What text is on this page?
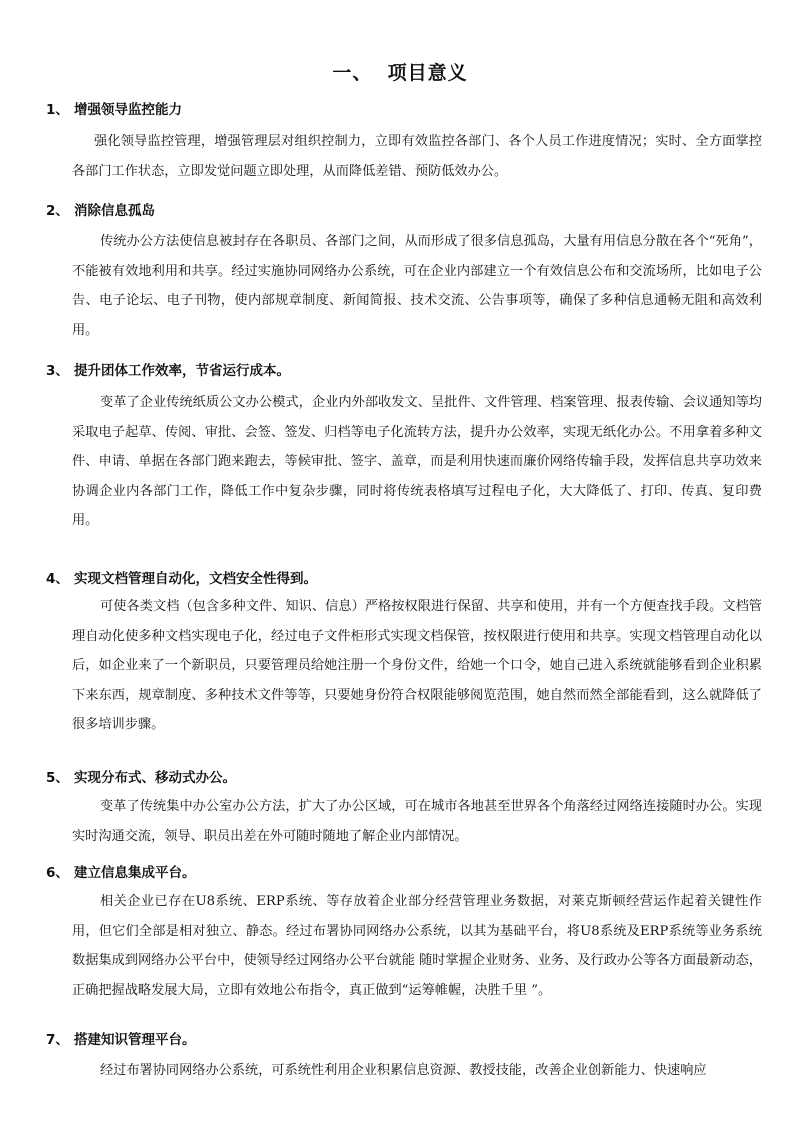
一、  项目意义
1、 增强领导监控能力
强化领导监控管理，增强管理层对组织控制力，立即有效监控各部门、各个人员工作进度情况；实时、全方面掌控各部门工作状态，立即发觉问题立即处理，从而降低差错、预防低效办公。
2、 消除信息孤岛
传统办公方法使信息被封存在各职员、各部门之间，从而形成了很多信息孤岛，大量有用信息分散在各个“死角”，不能被有效地利用和共享。经过实施协同网络办公系统，可在企业内部建立一个有效信息公布和交流场所，比如电子公告、电子论坛、电子刊物，使内部规章制度、新闻简报、技术交流、公告事项等，确保了多种信息通畅无阻和高效利用。
3、 提升团体工作效率，节省运行成本。
变革了企业传统纸质公文办公模式，企业内外部收发文、呈批件、文件管理、档案管理、报表传输、会议通知等均采取电子起草、传阅、审批、会签、签发、归档等电子化流转方法，提升办公效率，实现无纸化办公。不用拿着多种文件、申请、单据在各部门跑来跑去，等候审批、签字、盖章，而是利用快速而廉价网络传输手段，发挥信息共享功效来协调企业内各部门工作，降低工作中复杂步骤，同时将传统表格填写过程电子化，大大降低了、打印、传真、复印费用。
4、 实现文档管理自动化，文档安全性得到。
可使各类文档（包含多种文件、知识、信息）严格按权限进行保留、共享和使用，并有一个方便查找手段。文档管理自动化使多种文档实现电子化，经过电子文件柜形式实现文档保管，按权限进行使用和共享。实现文档管理自动化以后，如企业来了一个新职员，只要管理员给她注册一个身份文件，给她一个口令，她自己进入系统就能够看到企业积累下来东西，规章制度、多种技术文件等等，只要她身份符合权限能够阅览范围，她自然而然全部能看到，这么就降低了很多培训步骤。
5、 实现分布式、移动式办公。
变革了传统集中办公室办公方法，扩大了办公区域，可在城市各地甚至世界各个角落经过网络连接随时办公。实现实时沟通交流，领导、职员出差在外可随时随地了解企业内部情况。
6、 建立信息集成平台。
相关企业已存在U8系统、ERP系统、等存放着企业部分经营管理业务数据，对莱克斯顿经营运作起着关键性作用，但它们全部是相对独立、静态。经过布署协同网络办公系统，以其为基础平台，将U8系统及ERP系统等业务系统数据集成到网络办公平台中，使领导经过网络办公平台就能 随时掌握企业财务、业务、及行政办公等各方面最新动态，正确把握战略发展大局，立即有效地公布指令，真正做到“运筹帷幄，决胜千里 ”。
7、 搭建知识管理平台。
经过布署协同网络办公系统，可系统性利用企业积累信息资源、教授技能，改善企业创新能力、快速响应
